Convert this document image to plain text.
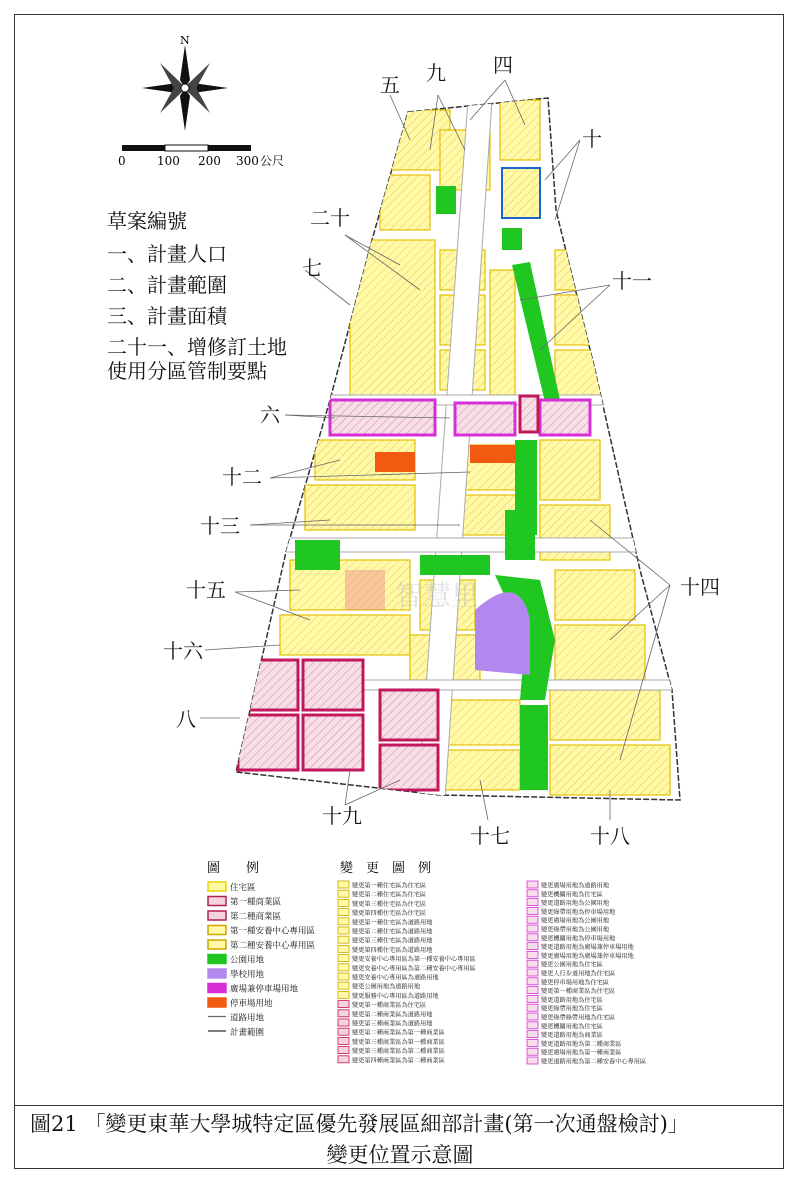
N
0	100 200 300 公尺
草案編號
一、計畫人口
二、計畫範圍
三、計畫面積
二十一、增修訂土地
使用分區管制要點
五 九 四
十
二十
七
十一
六
十二
十三
十四
十五
十六
八
十九
十七	十八
智慧里
圖　　例	變　更　圖　例
住宅區
第一種商業區
第二種商業區
第一種安養中心專用區
第二種安養中心專用區
公園用地
學校用地
廣場兼停車場用地
停車場用地
道路用地
計畫範圍
變更第一種住宅區為住宅區
變更第二種住宅區為住宅區
變更第三種住宅區為住宅區
變更第四種住宅區為住宅區
變更第一種住宅區為道路用地
變更第二種住宅區為道路用地
變更第三種住宅區為道路用地
變更第四種住宅區為道路用地
變更安養中心專用區為第一種安養中心專用區
變更安養中心專用區為第二種安養中心專用區
變更安養中心專用區為道路用地
變更公園用地為道路用地
變更服務中心專用區為道路用地
變更第一種商業區為住宅區
變更第二種商業區為道路用地
變更第三種商業區為道路用地
變更第二種商業區為第一種商業區
變更第三種商業區為第一種商業區
變更第三種商業區為第二種商業區
變更第四種商業區為第二種商業區
變更廣場用地為道路用地
變更機關用地為住宅區
變更道路用地為公園用地
變更綠帶用地為停車場用地
變更廣場用地為公園用地
變更綠帶用地為公園用地
變更機關用地為停車場用地
變更道路用地為廣場兼停車場用地
變更廣場用地為廣場兼停車場用地
變更公園用地為住宅區
變更人行步道用地為住宅區
變更停車場用地為住宅區
變更第一種商業區為住宅區
變更道路用地為住宅區
變更綠帶用地為住宅區
變更綠帶綠帶用地為住宅區
變更機關用地為住宅區
變更道路用地為商業區
變更道路用地為第二種商業區
變更廣場用地為第一種商業區
變更道路用地為第二種安養中心專用區
圖21 「變更東華大學城特定區優先發展區細部計畫(第一次通盤檢討)」
變更位置示意圖
